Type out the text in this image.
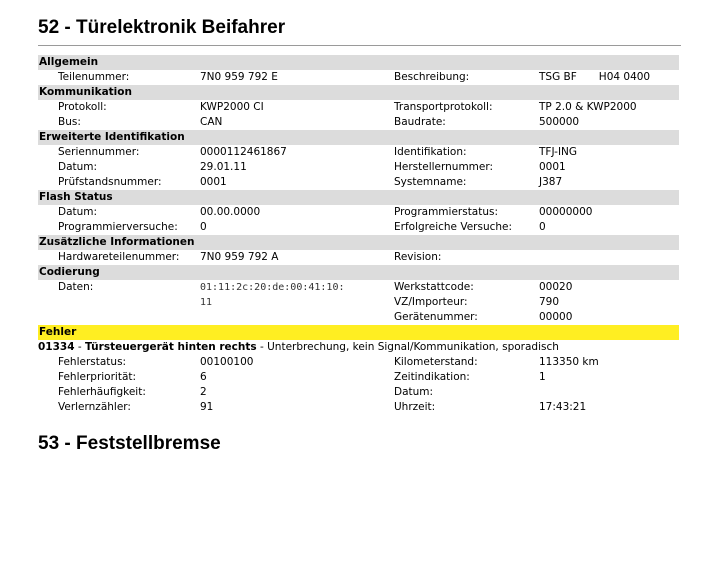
52 - Türelektronik Beifahrer
Allgemein				
	Teilenummer:	7N0 959 792 E	Beschreibung:	TSG BF H04 0400
Kommunikation				
	Protokoll:	KWP2000 CI	Transportprotokoll:	TP 2.0 & KWP2000
	Bus:	CAN	Baudrate:	500000
Erweiterte Identifikation				
	Seriennummer:	0000112461867	Identifikation:	TFJ-ING
	Datum:	29.01.11	Herstellernummer:	0001
	Prüfstandsnummer:	0001	Systemname:	J387
Flash Status				
	Datum:	00.00.0000	Programmierstatus:	00000000
	Programmierversuche:	0	Erfolgreiche Versuche:	0
Zusätzliche Informationen				
	Hardwareteilenummer:	7N0 959 792 A	Revision:	
Codierung				
	Daten:	01:11:2c:20:de:00:41:10:	Werkstattcode:	00020
		11	VZ/Importeur:	790
			Gerätenummer:	00000
Fehler				
01334 - Türsteuergerät hinten rechts - Unterbrechung, kein Signal/Kommunikation, sporadisch				
	Fehlerstatus:	00100100	Kilometerstand:	113350 km
	Fehlerpriorität:	6	Zeitindikation:	1
	Fehlerhäufigkeit:	2	Datum:	
	Verlernzähler:	91	Uhrzeit:	17:43:21
53 - Feststellbremse
